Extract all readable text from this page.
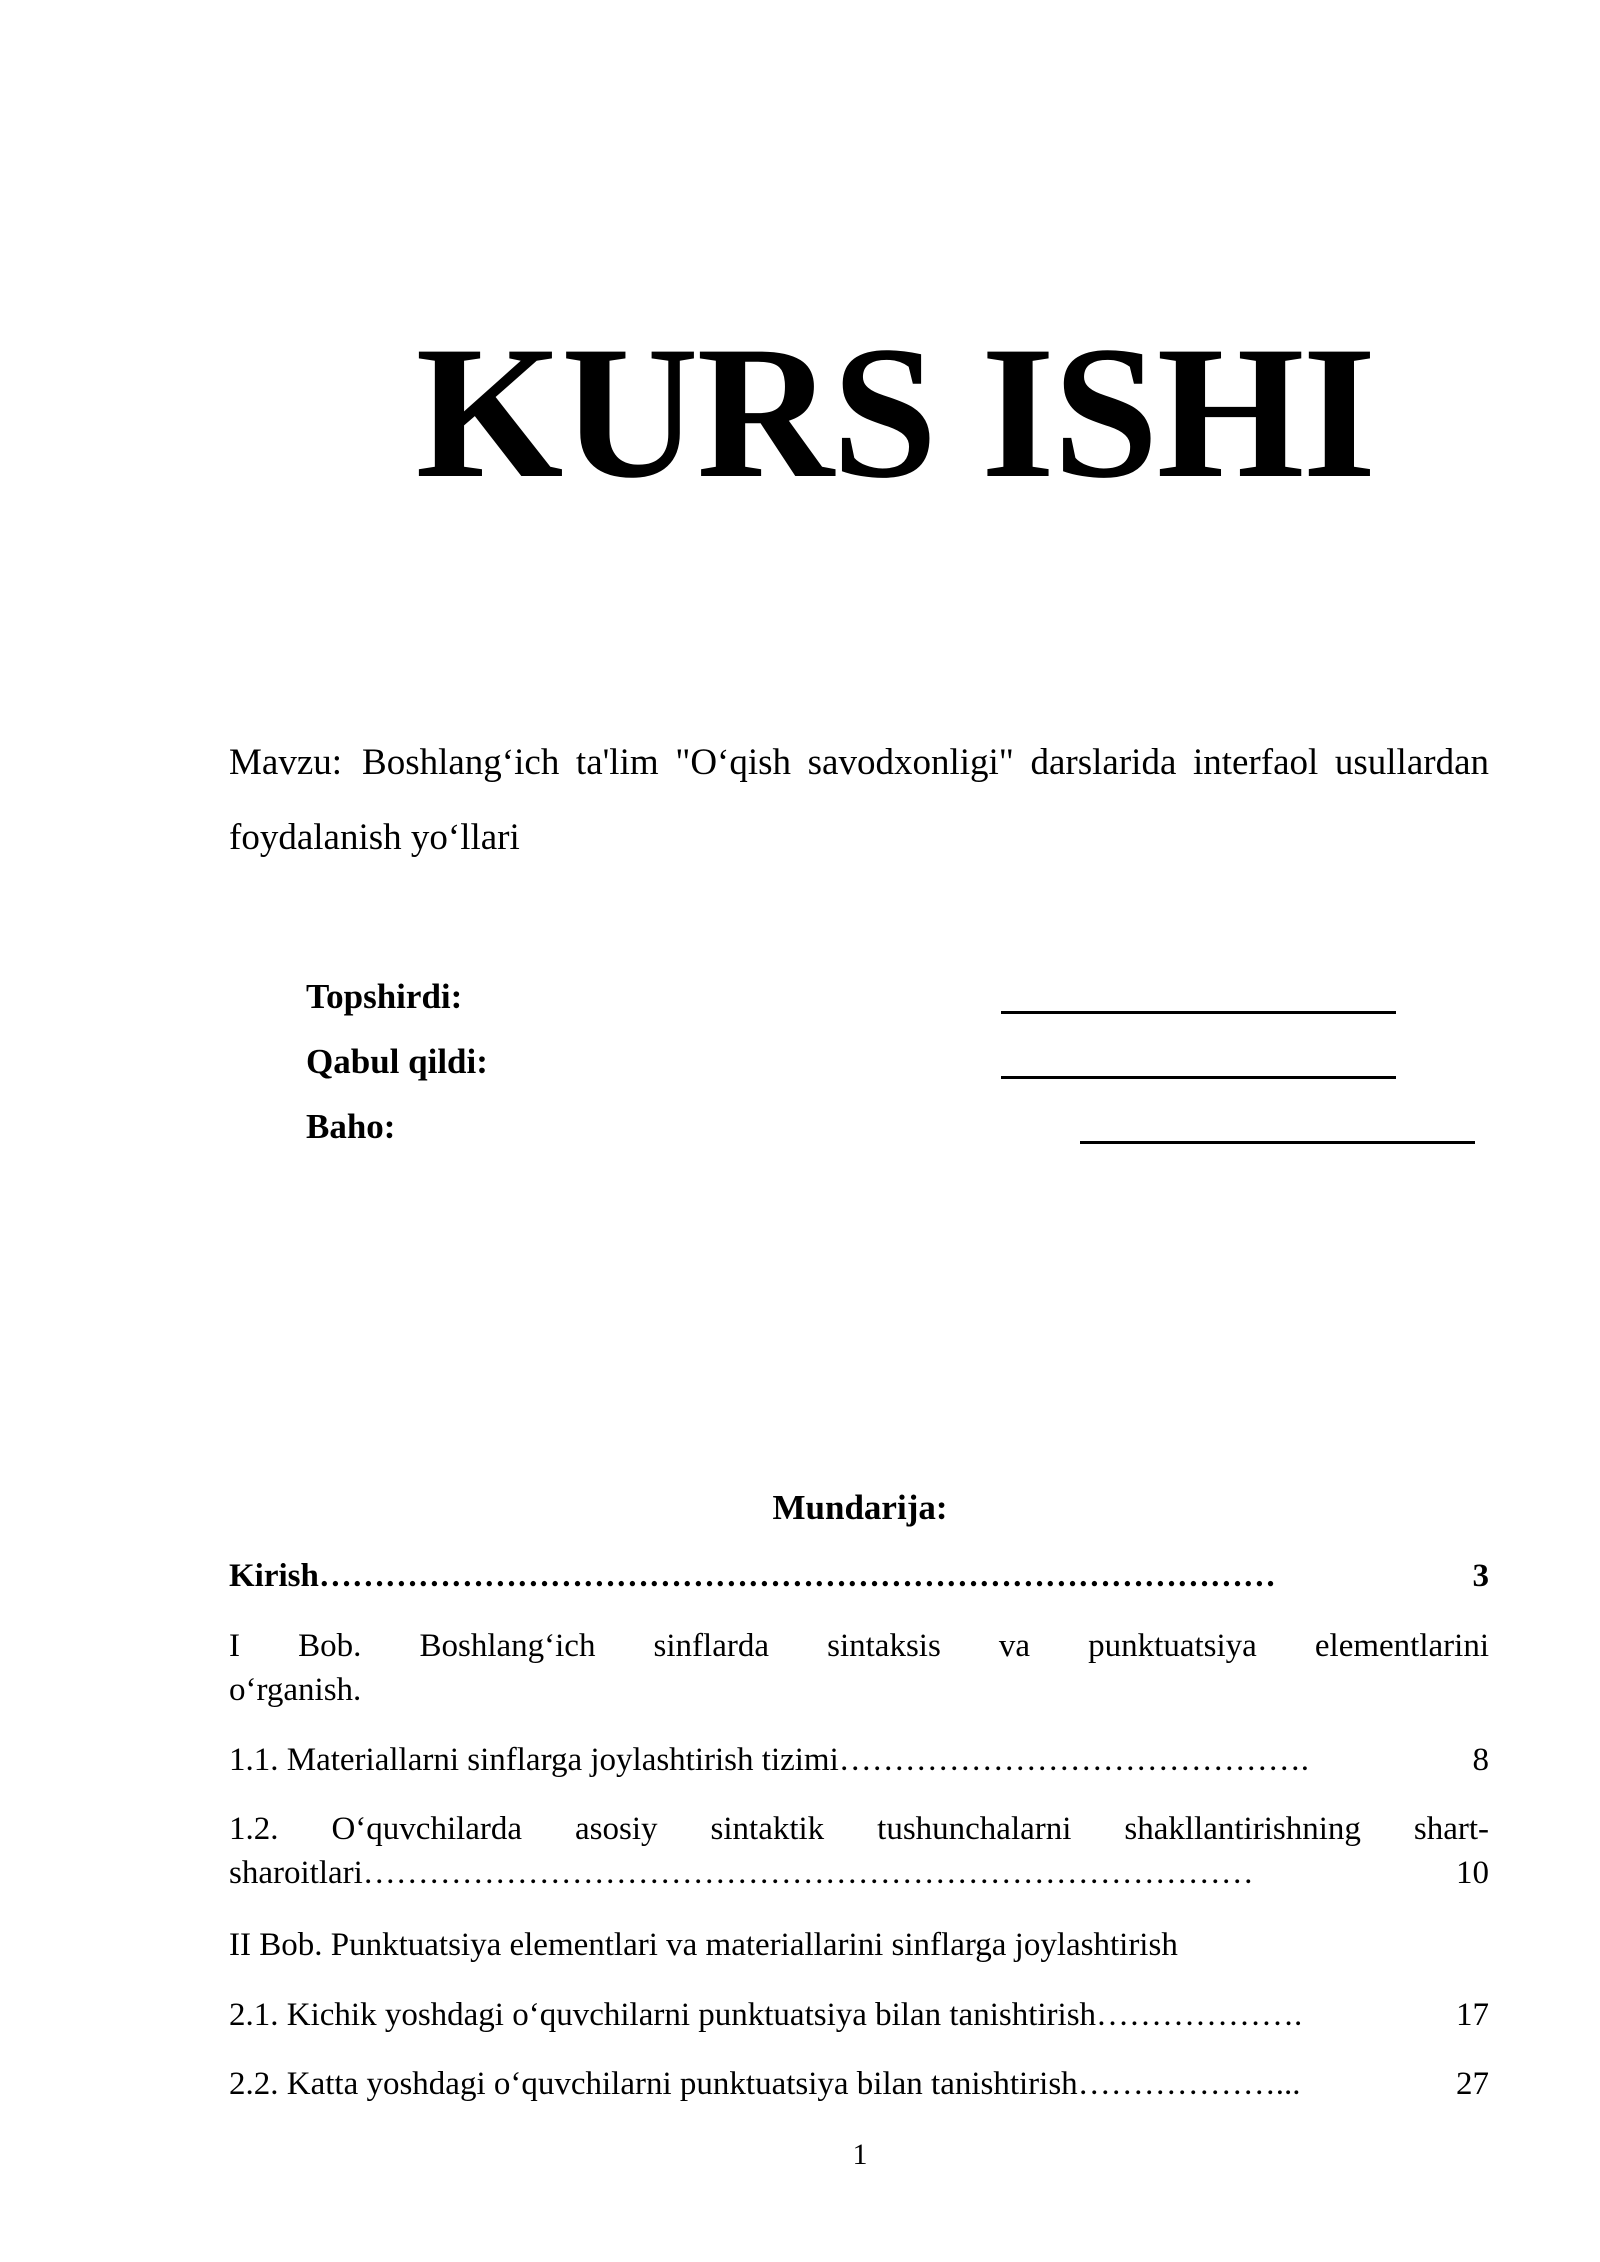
KURS ISHI
Mavzu: Boshlang‘ich ta'lim "O‘qish savodxonligi" darslarida interfaol usullardan foydalanish yo‘llari
Topshirdi:
Qabul qildi:
Baho:
Mundarija:
Kirish ……………………………………………………………………………	3
I Bob. Boshlang‘ich sinflarda sintaksis va punktuatsiya elementlarini
o‘rganish.
1.1. Materiallarni sinflarga joylashtirish tizimi …………………………………….	8
1.2. O‘quvchilarda asosiy sintaktik tushunchalarni shakllantirishning shart-
sharoitlari ………………………………………………………………………	10
II Bob. Punktuatsiya elementlari va materiallarini sinflarga joylashtirish
2.1. Kichik yoshdagi o‘quvchilarni punktuatsiya bilan tanishtirish ……………….	17
2.2. Katta yoshdagi o‘quvchilarni punktuatsiya bilan tanishtirish ………………...	27
1
